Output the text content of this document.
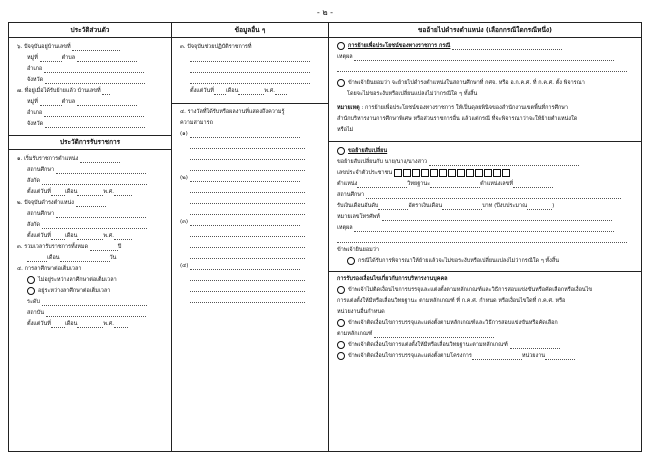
- ๒ -
ประวัติส่วนตัว
๖. ปัจจุบันอยู่บ้านเลขที่
หมู่ที่	ตำบล
อำเภอ
จังหวัด
๗. ที่อยู่เมื่อได้รับย้ายแล้ว บ้านเลขที่
หมู่ที่	ตำบล
อำเภอ
จังหวัด
ประวัติการรับราชการ
๑. เริ่มรับราชการตำแหน่ง
สถานศึกษา
สังกัด
ตั้งแต่วันที่	เดือน	พ.ศ.
๒. ปัจจุบันดำรงตำแหน่ง
สถานศึกษา
สังกัด
ตั้งแต่วันที่	เดือน	พ.ศ.
๓. รวมเวลารับราชการทั้งหมด	ปี
เดือน	วัน
๔. การลาศึกษาต่อเต็มเวลา
ไม่อยู่ระหว่างลาศึกษาต่อเต็มเวลา
อยู่ระหว่างลาศึกษาต่อเต็มเวลา
ระดับ
สถาบัน
ตั้งแต่วันที่	เดือน	พ.ศ.
ข้อมูลอื่น ๆ
๓. ปัจจุบันช่วยปฏิบัติราชการที่
ตั้งแต่วันที่ เดือน	พ.ศ.
๔. รางวัลที่ได้รับหรือผลงานที่แสดงถึงความรู้
ความสามารถ
(๑)
(๒)
(๓)
(๔)
ขออ้ายไปดำรงตำแหน่ง (เลือกกรณีใดกรณีหนึ่ง)
การย้ายเพื่อประโยชน์ของทางราชการ กรณี
เหตุผล
ข้าพเจ้ายินยอมว่า จะย้ายไปดำรงตำแหน่งในสถานศึกษาที่ กศจ. หรือ อ.ก.ค.ศ. ที่ ก.ค.ศ. ตั้ง พิจารณา
โดยจะไม่ขอระงับหรือเปลี่ยนแปลงไม่ว่ากรณีใด ๆ ทั้งสิ้น
หมายเหตุ : การย้ายเพื่อประโยชน์ของทางราชการ ให้เป็นดุลยพินิจของสำนักงานเขตพื้นที่การศึกษา
สำนักบริหารงานการศึกษาพิเศษ หรือส่วนราชการอื่น แล้วแต่กรณี ที่จะพิจารณาว่าจะให้ย้ายตำแหน่งใด
หรือไม่
ขอย้ายสับเปลี่ยน
ขอย้ายสับเปลี่ยนกับ นาย/นาง/นางสาว
เลขประจำตัวประชาชน
ตำแหน่ง	วิทยฐานะ	ตำแหน่งเลขที่
สถานศึกษา
รับเงินเดือนอันดับ	อัตราเงินเดือน	บาท (ปีงบประมาณ	)
หมายเลขโทรศัพท์
เหตุผล
ข้าพเจ้ายินยอมว่า
กรณีได้รับการพิจารณาให้ย้ายแล้วจะไม่ขอระงับหรือเปลี่ยนแปลงไม่ว่ากรณีใด ๆ ทั้งสิ้น
การรับรองเงื่อนไขเกี่ยวกับการบริหารงานบุคคล
ข้าพเจ้าไม่ติดเงื่อนไขการบรรจุและแต่งตั้งตามหลักเกณฑ์และวิธีการสอบแข่งขันหรือคัดเลือกหรือเงื่อนไข
การแต่งตั้งให้มีหรือเลื่อนวิทยฐานะ ตามหลักเกณฑ์ ที่ ก.ค.ศ. กำหนด หรือเงื่อนไขใดที่ ก.ค.ศ. หรือ
หน่วยงานอื่นกำหนด
ข้าพเจ้าติดเงื่อนไขการบรรจุและแต่งตั้งตามหลักเกณฑ์และวิธีการสอบแข่งขันหรือคัดเลือก
ตามหลักเกณฑ์
ข้าพเจ้าติดเงื่อนไขการแต่งตั้งให้มีหรือเลื่อนวิทยฐานะตามหลักเกณฑ์
ข้าพเจ้าติดเงื่อนไขการบรรจุและแต่งตั้งตามโครงการ	หน่วยงาน
